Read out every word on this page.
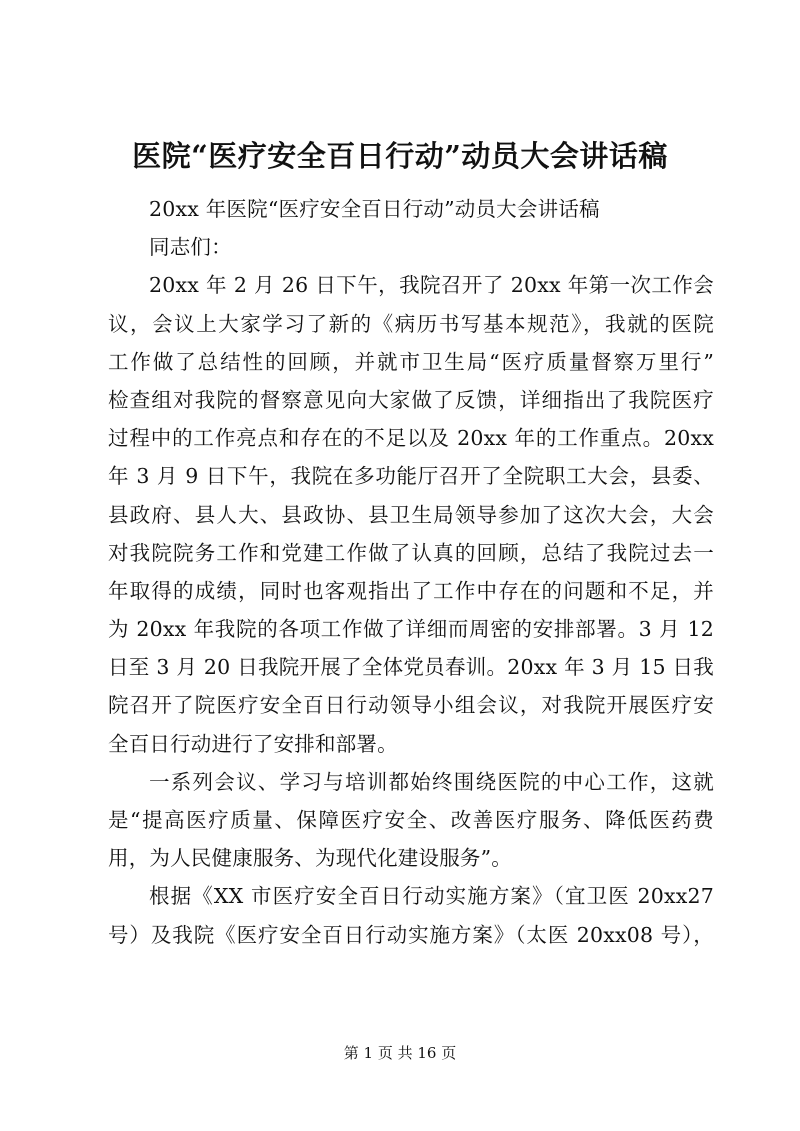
医院“医疗安全百日行动”动员大会讲话稿
20xx 年医院“医疗安全百日行动”动员大会讲话稿
同志们：
20xx 年 2 月 26 日下午，我院召开了 20xx 年第一次工作会
议，会议上大家学习了新的《病历书写基本规范》，我就的医院
工作做了总结性的回顾，并就市卫生局“医疗质量督察万里行”
检查组对我院的督察意见向大家做了反馈，详细指出了我院医疗
过程中的工作亮点和存在的不足以及 20xx 年的工作重点。20xx
年 3 月 9 日下午，我院在多功能厅召开了全院职工大会，县委、
县政府、县人大、县政协、县卫生局领导参加了这次大会，大会
对我院院务工作和党建工作做了认真的回顾，总结了我院过去一
年取得的成绩，同时也客观指出了工作中存在的问题和不足，并
为 20xx 年我院的各项工作做了详细而周密的安排部署。3 月 12
日至 3 月 20 日我院开展了全体党员春训。20xx 年 3 月 15 日我
院召开了院医疗安全百日行动领导小组会议，对我院开展医疗安
全百日行动进行了安排和部署。
一系列会议、学习与培训都始终围绕医院的中心工作，这就
是“提高医疗质量、保障医疗安全、改善医疗服务、降低医药费
用，为人民健康服务、为现代化建设服务”。
根据《XX 市医疗安全百日行动实施方案》（宜卫医 20xx27
号）及我院《医疗安全百日行动实施方案》（太医 20xx08 号），
第 1 页 共 16 页
